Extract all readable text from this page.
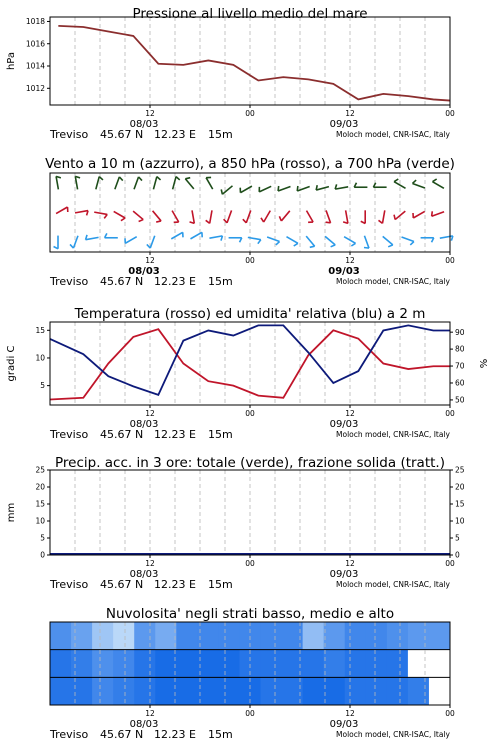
Pressione al livello medio del mare
1018
1016
1014
1012
hPa
12	00	12	00
08/03	09/03
Treviso 45.67 N 12.23 E 15m	Moloch model, CNR-ISAC, Italy
Vento a 10 m (azzurro), a 850 hPa (rosso), a 700 hPa (verde)
12	00	12	00
08/03	09/03
Treviso 45.67 N 12.23 E 15m	Moloch model, CNR-ISAC, Italy
Temperatura (rosso) ed umidita' relativa (blu) a 2 m
15
10
5
90
80
70
60
50
gradi C	%
12	00	12	00
08/03	09/03
Treviso 45.67 N 12.23 E 15m	Moloch model, CNR-ISAC, Italy
Precip. acc. in 3 ore: totale (verde), frazione solida (tratt.)
25
20
15
10
5
0
25
20
15
10
5
0
mm
12	00	12	00
08/03	09/03
Treviso 45.67 N 12.23 E 15m	Moloch model, CNR-ISAC, Italy
Nuvolosita' negli strati basso, medio e alto
12	00	12	00
08/03	09/03
Treviso 45.67 N 12.23 E 15m	Moloch model, CNR-ISAC, Italy
